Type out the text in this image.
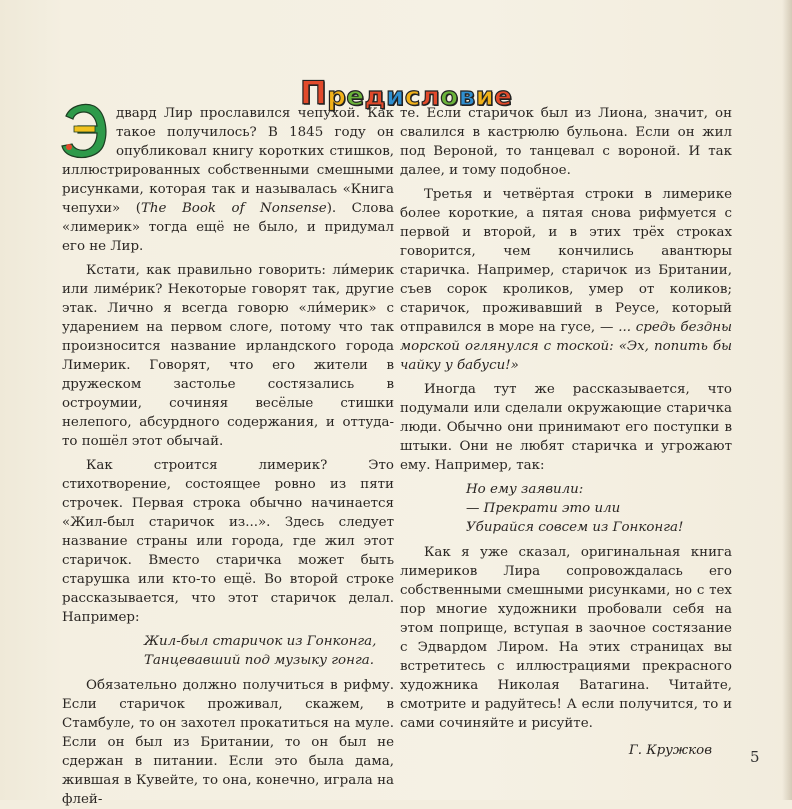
П р е д и с л о в и е

двард Лир прославился чепухой. Как такое получилось? В 1845 году он опубликовал книгу коротких стишков, иллюстрированных собственными смешными рисунками, которая так и называлась «Книга чепухи» (The Book of Nonsense). Слова «лимерик» тогда ещё не было, и придумал его не Лир.

Кстати, как правильно говорить: ли́мерик или лиме́рик? Некоторые говорят так, другие этак. Лично я всегда говорю «ли́мерик» с ударением на первом слоге, потому что так произносится название ирландского города Лимерик. Говорят, что его жители в дружеском застолье состязались в остроумии, сочиняя весёлые стишки нелепого, абсурдного содержания, и оттуда-то пошёл этот обычай.

Как строится лимерик? Это стихотворение, состоящее ровно из пяти строчек. Первая строка обычно начинается «Жил-был старичок из...». Здесь следует название страны или города, где жил этот старичок. Вместо старичка может быть старушка или кто-то ещё. Во второй строке рассказывается, что этот старичок делал. Например:

Жил-был старичок из Гонконга,
Танцевавший под музыку гонга.

Обязательно должно получиться в рифму. Если старичок проживал, скажем, в Стамбуле, то он захотел прокатиться на муле. Если он был из Британии, то он был не сдержан в питании. Если это была дама, жившая в Кувейте, то она, конечно, играла на флей-

те. Если старичок был из Лиона, значит, он свалился в кастрюлю бульона. Если он жил под Вероной, то танцевал с вороной. И так далее, и тому подобное.

Третья и четвёртая строки в лимерике более короткие, а пятая снова рифмуется с первой и второй, и в этих трёх строках говорится, чем кончились авантюры старичка. Например, старичок из Британии, съев сорок кроликов, умер от коликов; старичок, проживавший в Реусе, который отправился в море на гусе, — ... средь бездны морской оглянулся с тоской: «Эх, попить бы чайку у бабуси!»

Иногда тут же рассказывается, что подумали или сделали окружающие старичка люди. Обычно они принимают его поступки в штыки. Они не любят старичка и угрожают ему. Например, так:

Но ему заявили:
— Прекрати это или
Убирайся совсем из Гонконга!

Как я уже сказал, оригинальная книга лимериков Лира сопровождалась его собственными смешными рисунками, но с тех пор многие художники пробовали себя на этом поприще, вступая в заочное состязание с Эдвардом Лиром. На этих страницах вы встретитесь с иллюстрациями прекрасного художника Николая Ватагина. Читайте, смотрите и радуйтесь! А если получится, то и сами сочиняйте и рисуйте.

Г. Кружков	5
